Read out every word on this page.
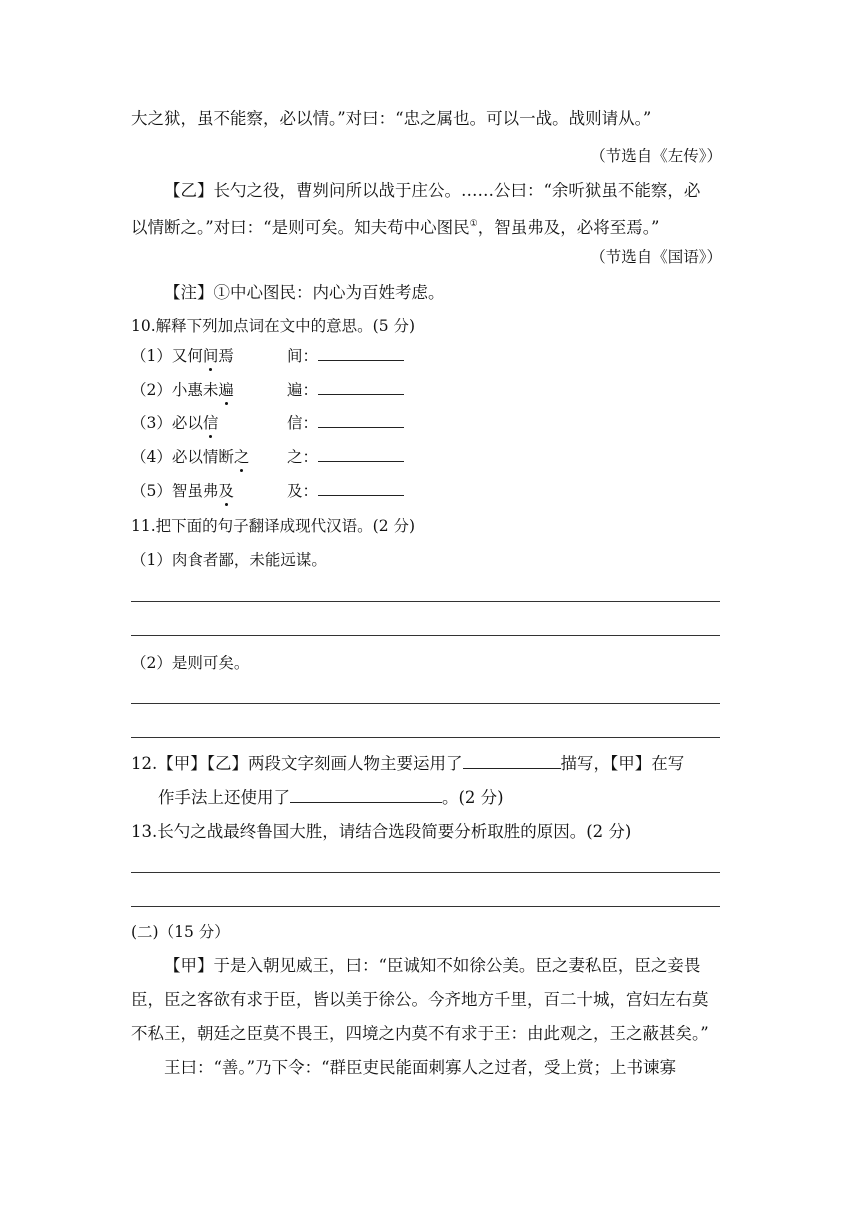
大之狱，虽不能察，必以情。”对曰：“忠之属也。可以一战。战则请从。”
（节选自《左传》）
【乙】长勺之役，曹刿问所以战于庄公。……公曰：“余听狱虽不能察，必
以情断之。”对曰：“是则可矣。知夫苟中心图民①，智虽弗及，必将至焉。”
（节选自《国语》）
【注】①中心图民：内心为百姓考虑。
10.解释下列加点词在文中的意思。(5 分)
（1）又何间焉	间：
（2）小惠未遍	遍：
（3）必以信	信：
（4）必以情断之 之：
（5）智虽弗及	及：
11.把下面的句子翻译成现代汉语。(2 分)
（1）肉食者鄙，未能远谋。
（2）是则可矣。
12.【甲】【乙】两段文字刻画人物主要运用了	描写，【甲】在写
作手法上还使用了	。(2 分)
13.长勺之战最终鲁国大胜，请结合选段简要分析取胜的原因。(2 分)
(二)（15 分）
【甲】于是入朝见威王，曰：“臣诚知不如徐公美。臣之妻私臣，臣之妾畏
臣，臣之客欲有求于臣，皆以美于徐公。今齐地方千里，百二十城，宫妇左右莫
不私王，朝廷之臣莫不畏王，四境之内莫不有求于王：由此观之，王之蔽甚矣。”
王曰：“善。”乃下令：“群臣吏民能面刺寡人之过者，受上赏；上书谏寡
